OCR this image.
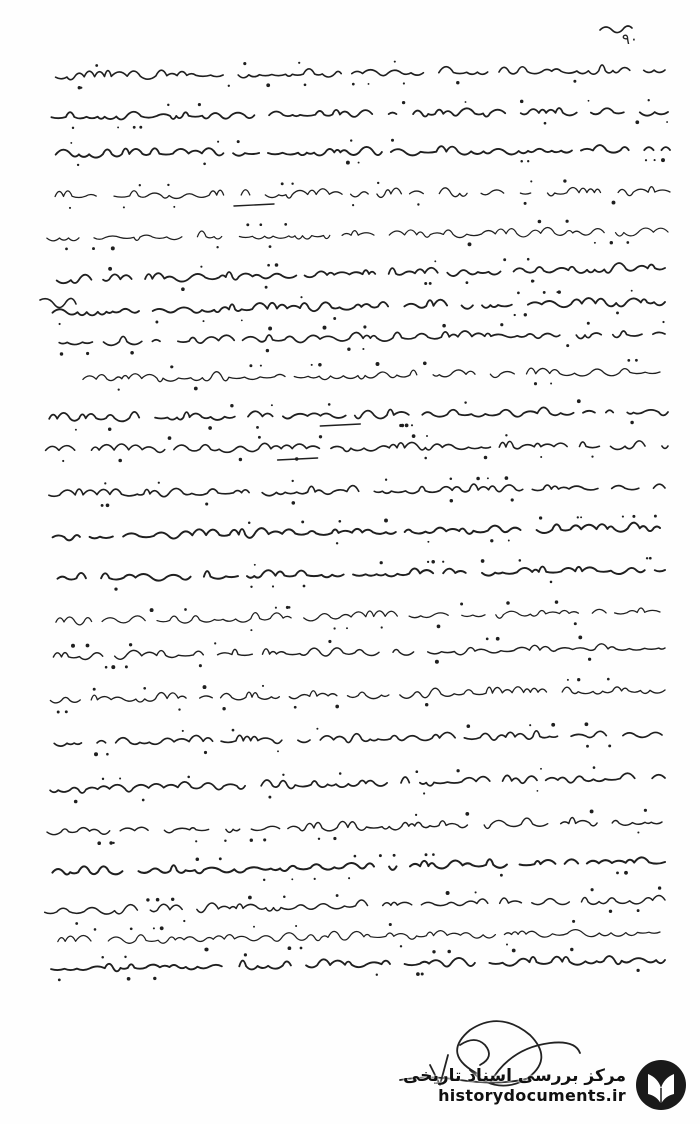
۹۰
مرکز بررسی اسناد تاریخی
historydocuments.ir
